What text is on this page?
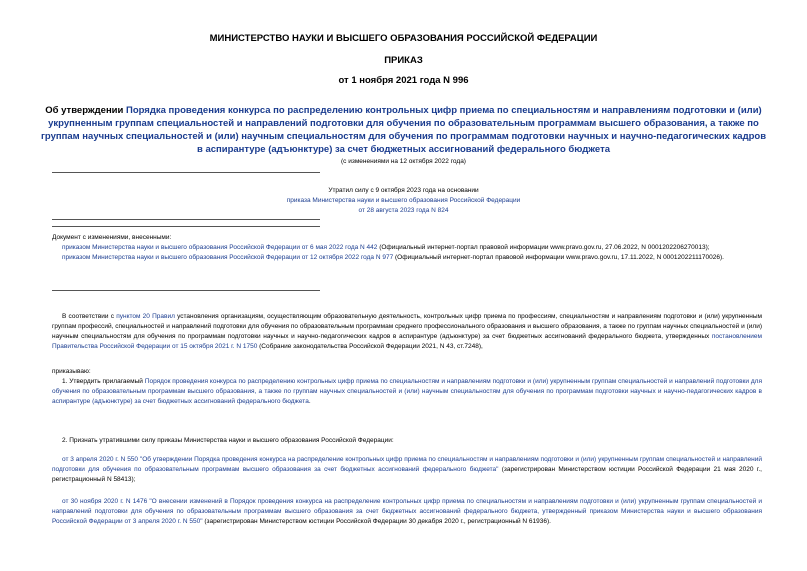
МИНИСТЕРСТВО НАУКИ И ВЫСШЕГО ОБРАЗОВАНИЯ РОССИЙСКОЙ ФЕДЕРАЦИИ
ПРИКАЗ
от 1 ноября 2021 года N 996
Об утверждении Порядка проведения конкурса по распределению контрольных цифр приема по специальностям и направлениям подготовки и (или) укрупненным группам специальностей и направлений подготовки для обучения по образовательным программам высшего образования, а также по группам научных специальностей и (или) научным специальностям для обучения по программам подготовки научных и научно-педагогических кадров в аспирантуре (адъюнктуре) за счет бюджетных ассигнований федерального бюджета
(с изменениями на 12 октября 2022 года)
Утратил силу с 9 октября 2023 года на основании
приказа Министерства науки и высшего образования Российской Федерации
от 28 августа 2023 года N 824
Документ с изменениями, внесенными:
приказом Министерства науки и высшего образования Российской Федерации от 6 мая 2022 года N 442 (Официальный интернет-портал правовой информации www.pravo.gov.ru, 27.06.2022, N 0001202206270013);
приказом Министерства науки и высшего образования Российской Федерации от 12 октября 2022 года N 977 (Официальный интернет-портал правовой информации www.pravo.gov.ru, 17.11.2022, N 0001202211170026).
В соответствии с пунктом 20 Правил установления организациям, осуществляющим образовательную деятельность, контрольных цифр приема по профессиям, специальностям и направлениям подготовки и (или) укрупненным группам профессий, специальностей и направлений подготовки для обучения по образовательным программам среднего профессионального образования и высшего образования, а также по группам научных специальностей и (или) научным специальностям для обучения по программам подготовки научных и научно-педагогических кадров в аспирантуре (адъюнктуре) за счет бюджетных ассигнований федерального бюджета, утвержденных постановлением Правительства Российской Федерации от 15 октября 2021 г. N 1750 (Собрание законодательства Российской Федерации 2021, N 43, ст.7248),
приказываю:
1. Утвердить прилагаемый Порядок проведения конкурса по распределению контрольных цифр приема по специальностям и направлениям подготовки и (или) укрупненным группам специальностей и направлений подготовки для обучения по образовательным программам высшего образования, а также по группам научных специальностей и (или) научным специальностям для обучения по программам подготовки научных и научно-педагогических кадров в аспирантуре (адъюнктуре) за счет бюджетных ассигнований федерального бюджета.
2. Признать утратившими силу приказы Министерства науки и высшего образования Российской Федерации:
от 3 апреля 2020 г. N 550 "Об утверждении Порядка проведения конкурса на распределение контрольных цифр приема по специальностям и направлениям подготовки и (или) укрупненным группам специальностей и направлений подготовки для обучения по образовательным программам высшего образования за счет бюджетных ассигнований федерального бюджета" (зарегистрирован Министерством юстиции Российской Федерации 21 мая 2020 г., регистрационный N 58413);
от 30 ноября 2020 г. N 1476 "О внесении изменений в Порядок проведения конкурса на распределение контрольных цифр приема по специальностям и направлениям подготовки и (или) укрупненным группам специальностей и направлений подготовки для обучения по образовательным программам высшего образования за счет бюджетных ассигнований федерального бюджета, утвержденный приказом Министерства науки и высшего образования Российской Федерации от 3 апреля 2020 г. N 550" (зарегистрирован Министерством юстиции Российской Федерации 30 декабря 2020 г., регистрационный N 61936).
